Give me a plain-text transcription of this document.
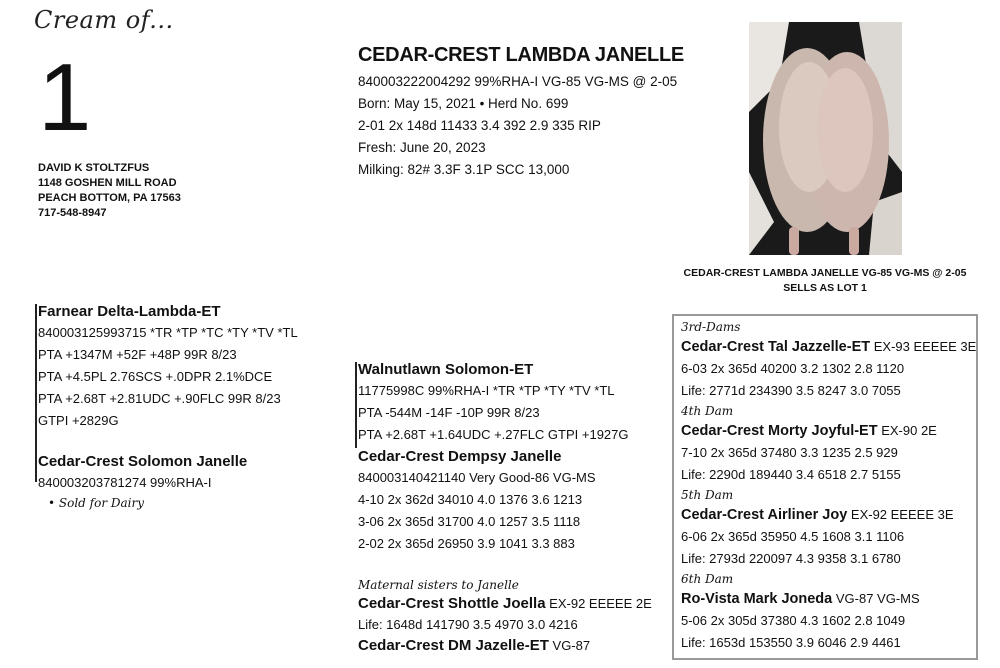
Cream of...
1
DAVID K STOLTZFUS
1148 GOSHEN MILL ROAD
PEACH BOTTOM, PA 17563
717-548-8947
CEDAR-CREST LAMBDA JANELLE
840003222004292 99%RHA-I VG-85 VG-MS @ 2-05
Born: May 15, 2021 • Herd No. 699
2-01 2x 148d 11433 3.4 392 2.9 335 RIP
Fresh: June 20, 2023
Milking: 82# 3.3F 3.1P SCC 13,000
CEDAR-CREST LAMBDA JANELLE VG-85 VG-MS @ 2-05
SELLS AS LOT 1
Farnear Delta-Lambda-ET
840003125993715 *TR *TP *TC *TY *TV *TL
PTA +1347M +52F +48P 99R 8/23
PTA +4.5PL 2.76SCS +.0DPR 2.1%DCE
PTA +2.68T +2.81UDC +.90FLC 99R 8/23
GTPI +2829G
Cedar-Crest Solomon Janelle
840003203781274 99%RHA-I
• Sold for Dairy
Walnutlawn Solomon-ET
11775998C 99%RHA-I *TR *TP *TY *TV *TL
PTA -544M -14F -10P 99R 8/23
PTA +2.68T +1.64UDC +.27FLC GTPI +1927G
Cedar-Crest Dempsy Janelle
840003140421140 Very Good-86 VG-MS
4-10 2x 362d 34010 4.0 1376 3.6 1213
3-06 2x 365d 31700 4.0 1257 3.5 1118
2-02 2x 365d 26950 3.9 1041 3.3 883
Maternal sisters to Janelle
Cedar-Crest Shottle Joella EX-92 EEEEE 2E
Life: 1648d 141790 3.5 4970 3.0 4216
Cedar-Crest DM Jazelle-ET VG-87
3rd-Dams
Cedar-Crest Tal Jazzelle-ET EX-93 EEEEE 3E
6-03 2x 365d 40200 3.2 1302 2.8 1120
Life: 2771d 234390 3.5 8247 3.0 7055
4th Dam
Cedar-Crest Morty Joyful-ET EX-90 2E
7-10 2x 365d 37480 3.3 1235 2.5 929
Life: 2290d 189440 3.4 6518 2.7 5155
5th Dam
Cedar-Crest Airliner Joy EX-92 EEEEE 3E
6-06 2x 365d 35950 4.5 1608 3.1 1106
Life: 2793d 220097 4.3 9358 3.1 6780
6th Dam
Ro-Vista Mark Joneda VG-87 VG-MS
5-06 2x 305d 37380 4.3 1602 2.8 1049
Life: 1653d 153550 3.9 6046 2.9 4461
